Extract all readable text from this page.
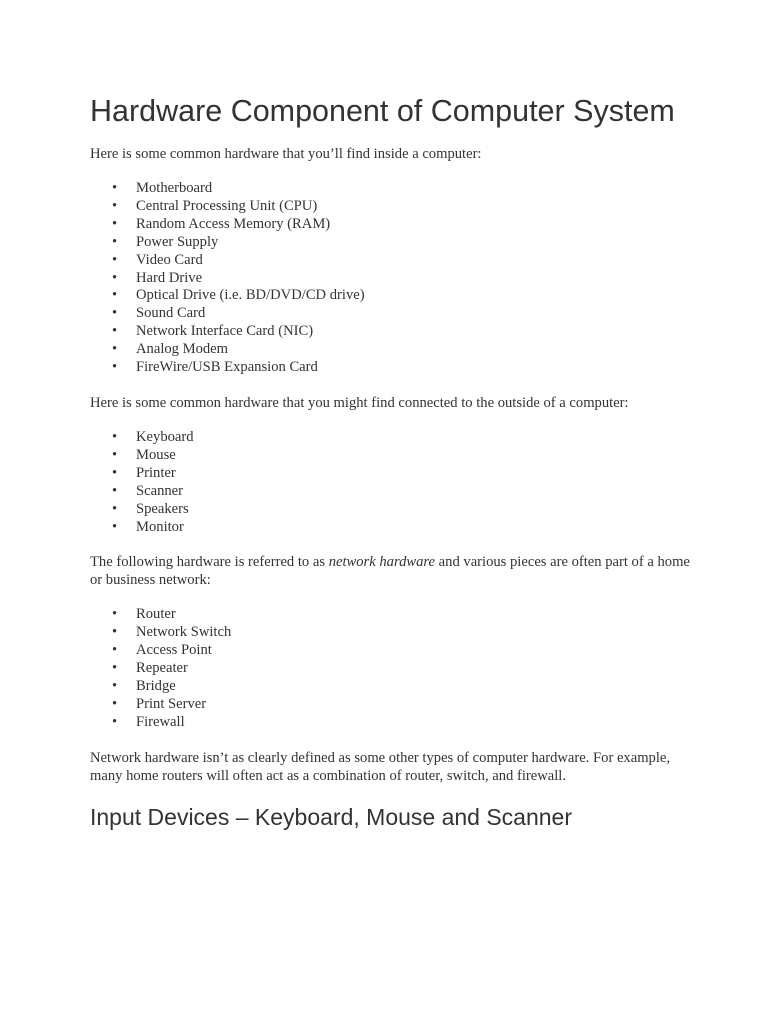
Hardware Component of Computer System

Here is some common hardware that you’ll find inside a computer:

• Motherboard
• Central Processing Unit (CPU)
• Random Access Memory (RAM)
• Power Supply
• Video Card
• Hard Drive
• Optical Drive (i.e. BD/DVD/CD drive)
• Sound Card
• Network Interface Card (NIC)
• Analog Modem
• FireWire/USB Expansion Card

Here is some common hardware that you might find connected to the outside of a computer:

• Keyboard
• Mouse
• Printer
• Scanner
• Speakers
• Monitor

The following hardware is referred to as network hardware and various pieces are often part of a home or business network:

• Router
• Network Switch
• Access Point
• Repeater
• Bridge
• Print Server
• Firewall

Network hardware isn’t as clearly defined as some other types of computer hardware. For example, many home routers will often act as a combination of router, switch, and firewall.

Input Devices – Keyboard, Mouse and Scanner
